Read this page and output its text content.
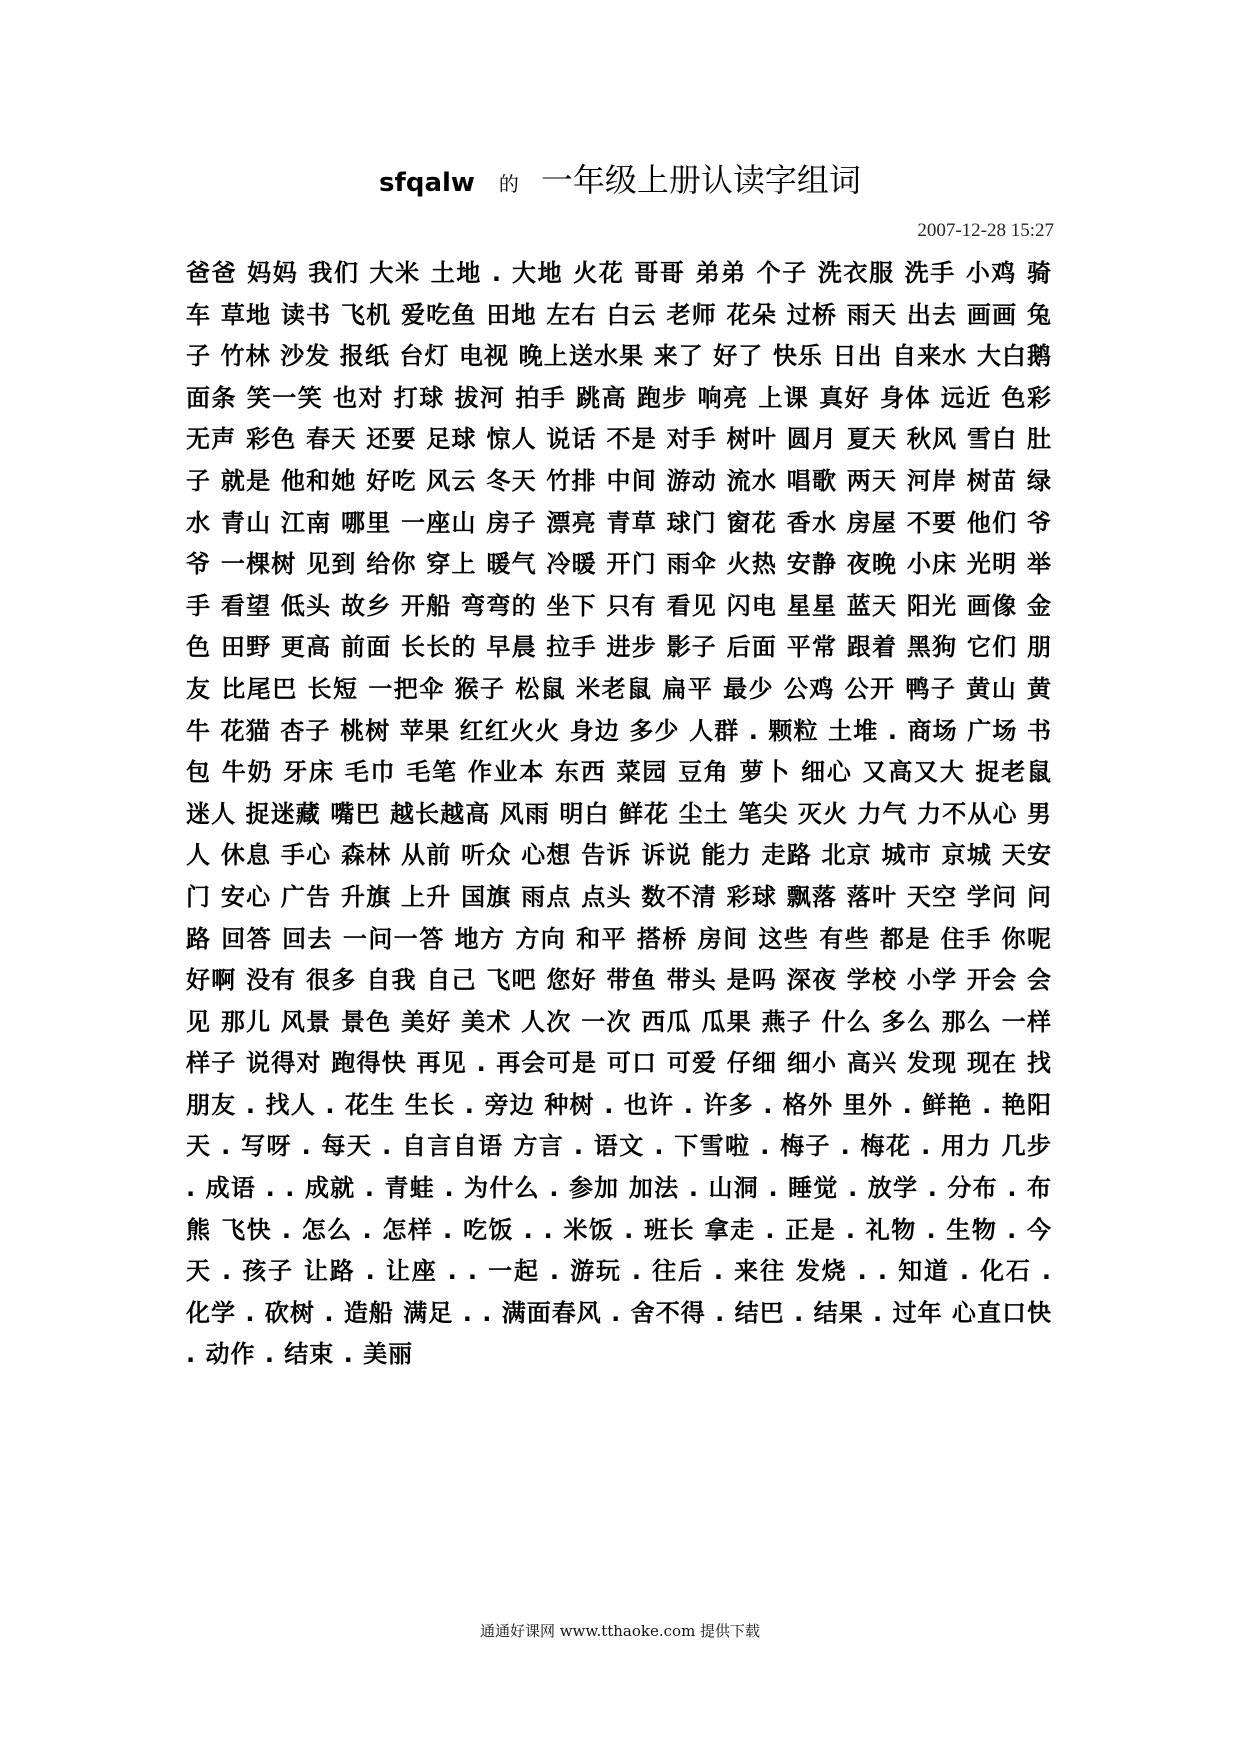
sfqalw 的 一年级上册认读字组词
2007-12-28 15:27
爸爸 妈妈 我们 大米 土地 . 大地 火花 哥哥 弟弟 个子 洗衣服 洗手 小鸡 骑车 草地 读书 飞机 爱吃鱼 田地 左右 白云 老师 花朵 过桥 雨天 出去 画画 兔子 竹林 沙发 报纸 台灯 电视 晚上送水果 来了 好了 快乐 日出 自来水 大白鹅 面条 笑一笑 也对 打球 拔河 拍手 跳高 跑步 响亮 上课 真好 身体 远近 色彩 无声 彩色 春天 还要 足球 惊人 说话 不是 对手 树叶 圆月 夏天 秋风 雪白 肚子 就是 他和她 好吃 风云 冬天 竹排 中间 游动 流水 唱歌 两天 河岸 树苗 绿水 青山 江南 哪里 一座山 房子 漂亮 青草 球门 窗花 香水 房屋 不要 他们 爷爷 一棵树 见到 给你 穿上 暖气 冷暖 开门 雨伞 火热 安静 夜晚 小床 光明 举手 看望 低头 故乡 开船 弯弯的 坐下 只有 看见 闪电 星星 蓝天 阳光 画像 金色 田野 更高 前面 长长的 早晨 拉手 进步 影子 后面 平常 跟着 黑狗 它们 朋友 比尾巴 长短 一把伞 猴子 松鼠 米老鼠 扁平 最少 公鸡 公开 鸭子 黄山 黄牛 花猫 杏子 桃树 苹果 红红火火 身边 多少 人群 . 颗粒 土堆 . 商场 广场 书包 牛奶 牙床 毛巾 毛笔 作业本 东西 菜园 豆角 萝卜 细心 又高又大 捉老鼠 迷人 捉迷藏 嘴巴 越长越高 风雨 明白 鲜花 尘土 笔尖 灭火 力气 力不从心 男人 休息 手心 森林 从前 听众 心想 告诉 诉说 能力 走路 北京 城市 京城 天安门 安心 广告 升旗 上升 国旗 雨点 点头 数不清 彩球 飘落 落叶 天空 学问 问路 回答 回去 一问一答 地方 方向 和平 搭桥 房间 这些 有些 都是 住手 你呢 好啊 没有 很多 自我 自己 飞吧 您好 带鱼 带头 是吗 深夜 学校 小学 开会 会见 那儿 风景 景色 美好 美术 人次 一次 西瓜 瓜果 燕子 什么 多么 那么 一样 样子 说得对 跑得快 再见 . 再会可是 可口 可爱 仔细 细小 高兴 发现 现在 找朋友 . 找人 . 花生 生长 . 旁边 种树 . 也许 . 许多 . 格外 里外 . 鲜艳 . 艳阳天 . 写呀 . 每天 . 自言自语 方言 . 语文 . 下雪啦 . 梅子 . 梅花 . 用力 几步 . 成语 . . 成就 . 青蛙 . 为什么 . 参加 加法 . 山洞 . 睡觉 . 放学 . 分布 . 布熊 飞快 . 怎么 . 怎样 . 吃饭 . . 米饭 . 班长 拿走 . 正是 . 礼物 . 生物 . 今天 . 孩子 让路 . 让座 . . 一起 . 游玩 . 往后 . 来往 发烧 . . 知道 . 化石 . 化学 . 砍树 . 造船 满足 . . 满面春风 . 舍不得 . 结巴 . 结果 . 过年 心直口快 . 动作 . 结束 . 美丽
通通好课网 www.tthaoke.com 提供下载
